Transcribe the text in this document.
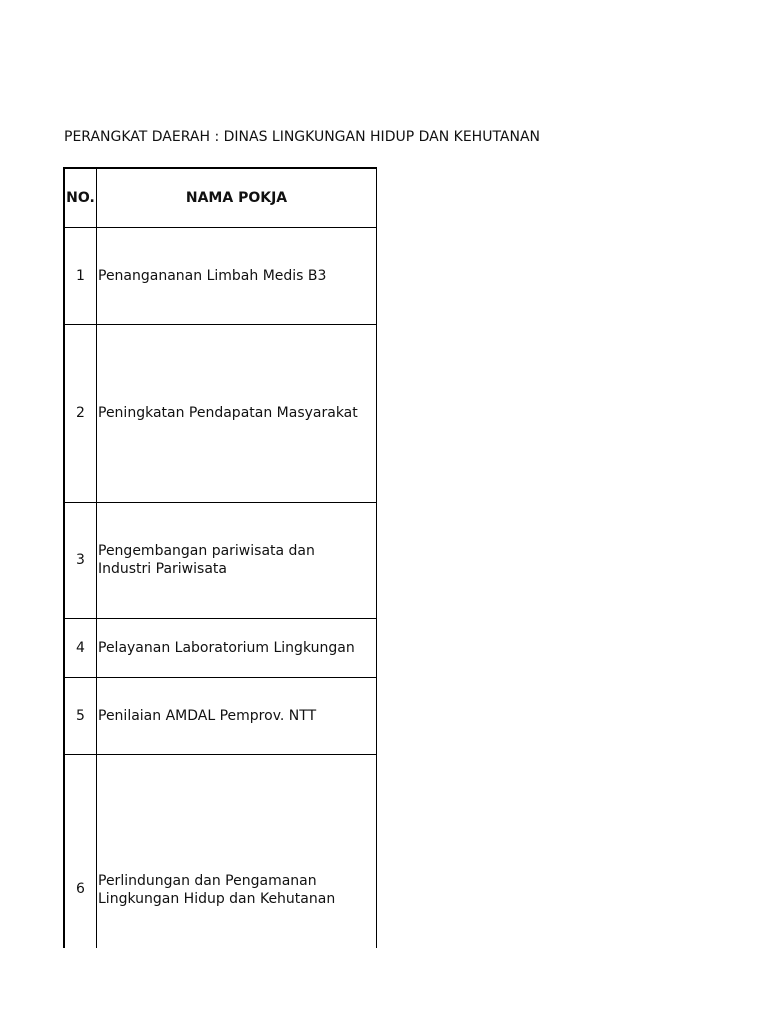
PERANGKAT DAERAH : DINAS LINGKUNGAN HIDUP DAN KEHUTANAN
NO.	NAMA POKJA
1	Penangananan Limbah Medis B3

2	Peningkatan Pendapatan Masyarakat

3	Pengembangan pariwisata dan
Industri Pariwisata

4	Pelayanan Laboratorium Lingkungan

5	Penilaian AMDAL Pemprov. NTT

6	Perlindungan dan Pengamanan
Lingkungan Hidup dan Kehutanan
